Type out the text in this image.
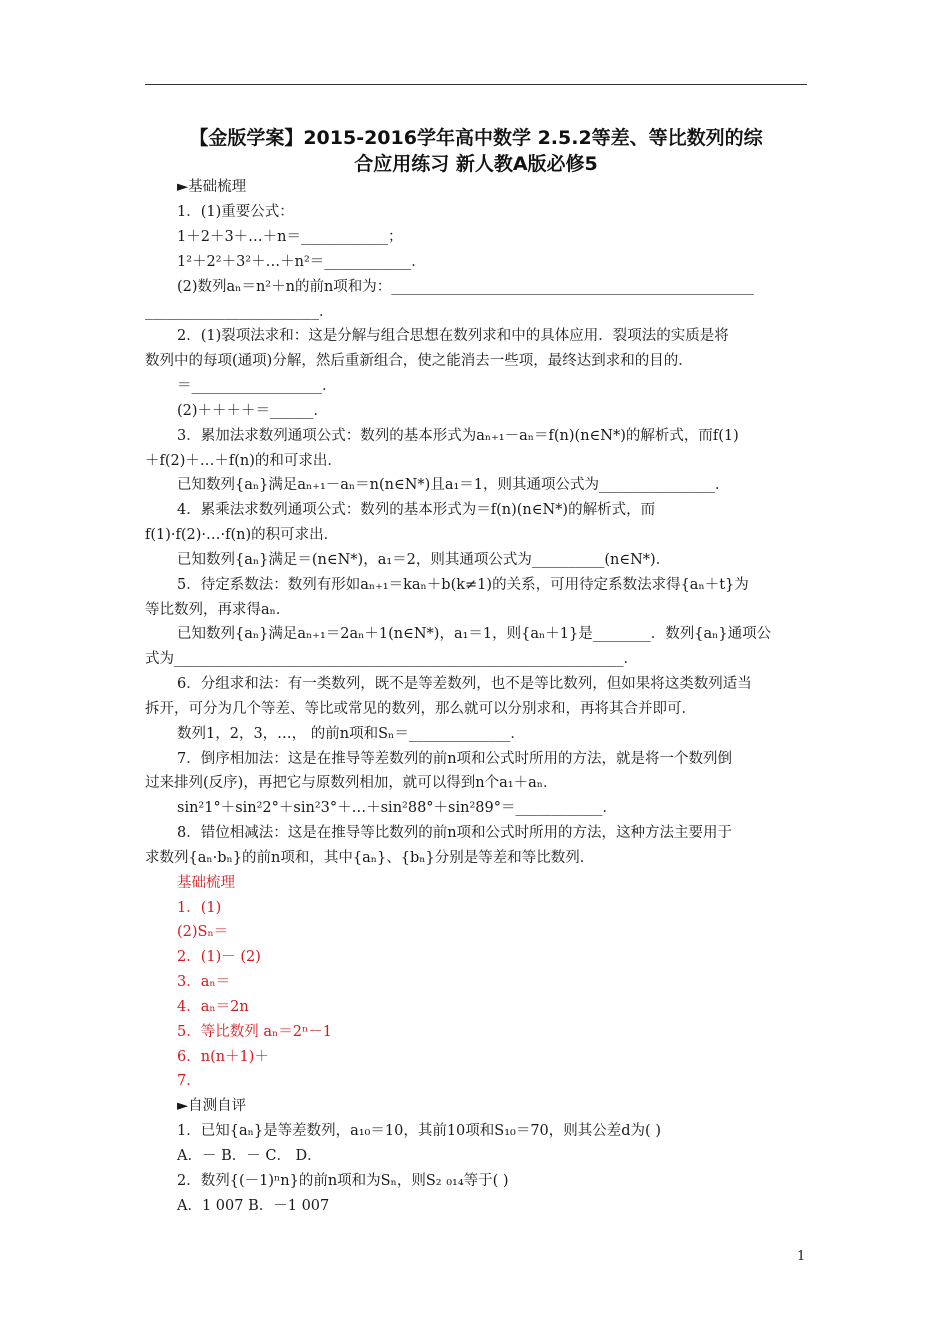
【金版学案】2015-2016学年高中数学 2.5.2等差、等比数列的综
合应用练习 新人教A版必修5
►基础梳理
1．(1)重要公式：
1＋2＋3＋…＋n＝____________；
1²＋2²＋3²＋…＋n²＝____________．
(2)数列aₙ＝n²＋n的前n项和为：__________________________________________________
________________________．
2．(1)裂项法求和：这是分解与组合思想在数列求和中的具体应用．裂项法的实质是将
数列中的每项(通项)分解，然后重新组合，使之能消去一些项，最终达到求和的目的．
＝__________________．
(2)＋＋＋＋＝______．
3．累加法求数列通项公式：数列的基本形式为aₙ₊₁－aₙ＝f(n)(n∈N*)的解析式，而f(1)
＋f(2)＋…＋f(n)的和可求出．
已知数列{aₙ}满足aₙ₊₁－aₙ＝n(n∈N*)且a₁＝1，则其通项公式为________________．
4．累乘法求数列通项公式：数列的基本形式为＝f(n)(n∈N*)的解析式，而
f(1)·f(2)·…·f(n)的积可求出．
已知数列{aₙ}满足＝(n∈N*)，a₁＝2，则其通项公式为__________(n∈N*)．
5．待定系数法：数列有形如aₙ₊₁＝kaₙ＋b(k≠1)的关系，可用待定系数法求得{aₙ＋t}为
等比数列，再求得aₙ．
已知数列{aₙ}满足aₙ₊₁＝2aₙ＋1(n∈N*)，a₁＝1，则{aₙ＋1}是________．数列{aₙ}通项公
式为______________________________________________________________．
6．分组求和法：有一类数列，既不是等差数列，也不是等比数列，但如果将这类数列适当
拆开，可分为几个等差、等比或常见的数列，那么就可以分别求和，再将其合并即可．
数列1，2，3，…， 的前n项和Sₙ＝______________．
7．倒序相加法：这是在推导等差数列的前n项和公式时所用的方法，就是将一个数列倒
过来排列(反序)，再把它与原数列相加，就可以得到n个a₁＋aₙ．
sin²1°＋sin²2°＋sin²3°＋…＋sin²88°＋sin²89°＝____________．
8．错位相减法：这是在推导等比数列的前n项和公式时所用的方法，这种方法主要用于
求数列{aₙ·bₙ}的前n项和，其中{aₙ}、{bₙ}分别是等差和等比数列．
基础梳理
1．(1)
(2)Sₙ＝
2．(1)－ (2)
3．aₙ＝
4．aₙ＝2n
5．等比数列 aₙ＝2ⁿ－1
6．n(n＋1)＋
7．
►自测自评
1．已知{aₙ}是等差数列，a₁₀＝10，其前10项和S₁₀＝70，则其公差d为( )
A．－ B．－ C． D．
2．数列{(－1)ⁿn}的前n项和为Sₙ，则S₂ ₀₁₄等于( )
A．1 007 B．－1 007
1
